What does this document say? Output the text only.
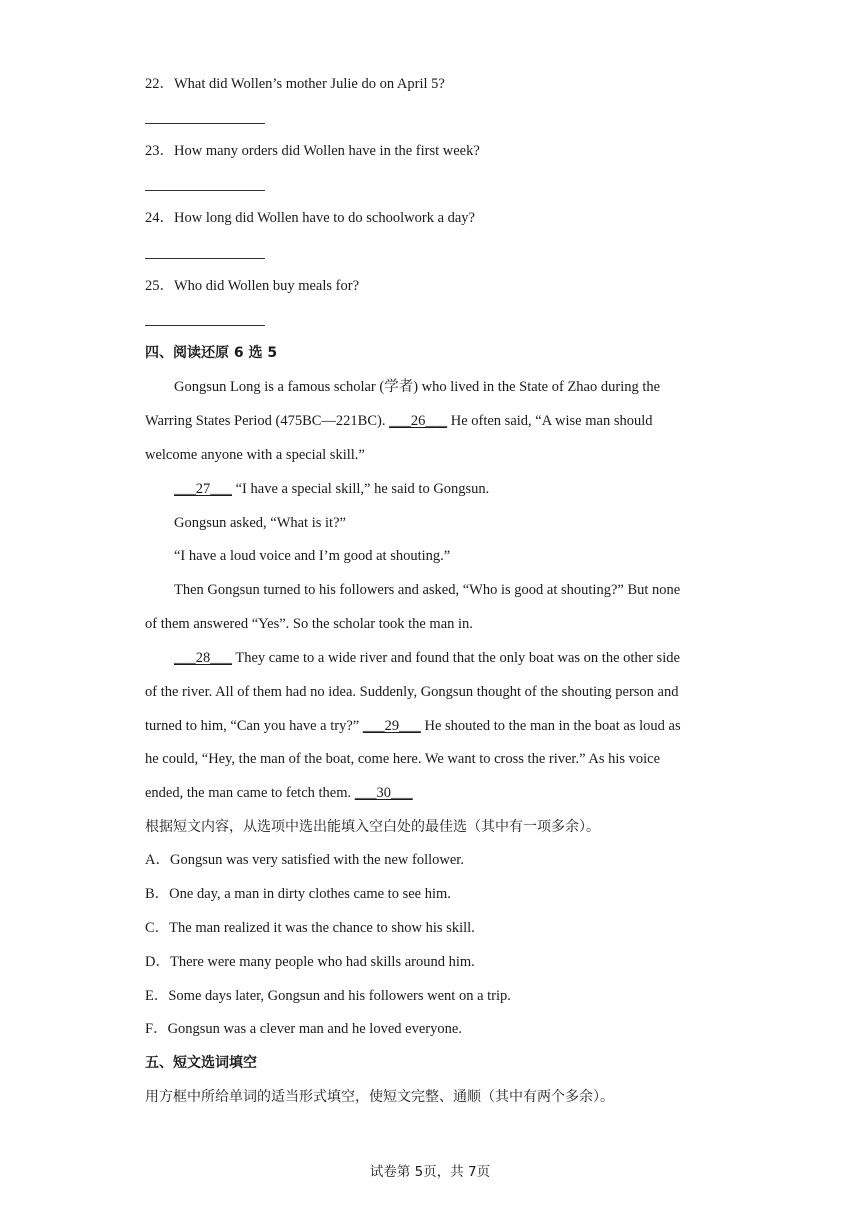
22．What did Wollen’s mother Julie do on April 5?
23．How many orders did Wollen have in the first week?
24．How long did Wollen have to do schoolwork a day?
25．Who did Wollen buy meals for?
四、阅读还原 6 选 5
Gongsun Long is a famous scholar (学者) who lived in the State of Zhao during the
Warring States Period (475BC—221BC). ___26___ He often said, “A wise man should
welcome anyone with a special skill.”
___27___ “I have a special skill,” he said to Gongsun.
Gongsun asked, “What is it?”
“I have a loud voice and I’m good at shouting.”
Then Gongsun turned to his followers and asked, “Who is good at shouting?” But none
of them answered “Yes”. So the scholar took the man in.
___28___ They came to a wide river and found that the only boat was on the other side
of the river. All of them had no idea. Suddenly, Gongsun thought of the shouting person and
turned to him, “Can you have a try?” ___29___ He shouted to the man in the boat as loud as
he could, “Hey, the man of the boat, come here. We want to cross the river.” As his voice
ended, the man came to fetch them. ___30___
根据短文内容，从选项中选出能填入空白处的最佳选（其中有一项多余）。
A．Gongsun was very satisfied with the new follower.
B．One day, a man in dirty clothes came to see him.
C．The man realized it was the chance to show his skill.
D．There were many people who had skills around him.
E．Some days later, Gongsun and his followers went on a trip.
F．Gongsun was a clever man and he loved everyone.
五、短文选词填空
用方框中所给单词的适当形式填空，使短文完整、通顺（其中有两个多余）。
试卷第 5页，共 7页
